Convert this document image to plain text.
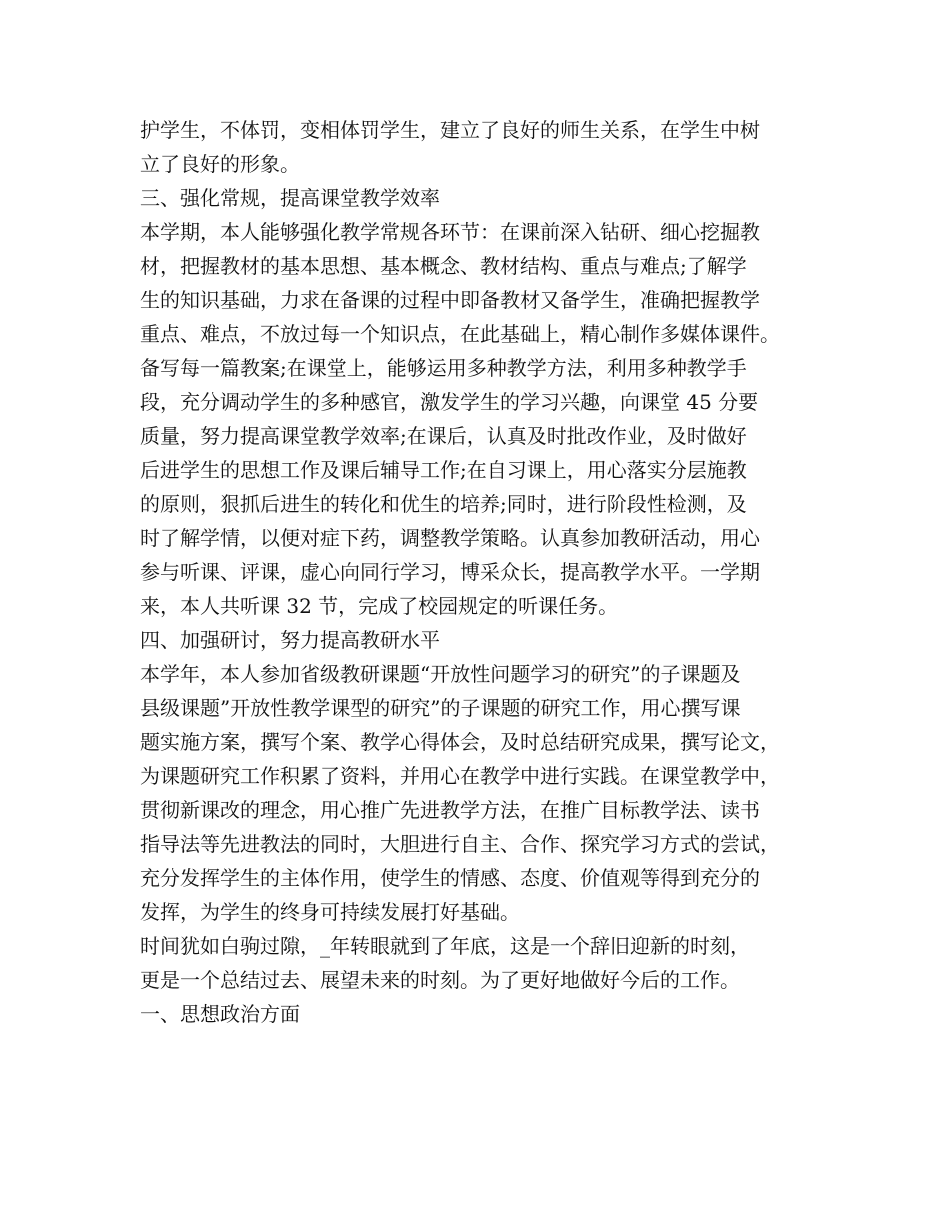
护学生，不体罚，变相体罚学生，建立了良好的师生关系，在学生中树
立了良好的形象。
三、强化常规，提高课堂教学效率
本学期，本人能够强化教学常规各环节：在课前深入钻研、细心挖掘教
材，把握教材的基本思想、基本概念、教材结构、重点与难点;了解学
生的知识基础，力求在备课的过程中即备教材又备学生，准确把握教学
重点、难点，不放过每一个知识点，在此基础上，精心制作多媒体课件。
备写每一篇教案;在课堂上，能够运用多种教学方法，利用多种教学手
段，充分调动学生的多种感官，激发学生的学习兴趣，向课堂 45 分要
质量，努力提高课堂教学效率;在课后，认真及时批改作业，及时做好
后进学生的思想工作及课后辅导工作;在自习课上，用心落实分层施教
的原则，狠抓后进生的转化和优生的培养;同时，进行阶段性检测，及
时了解学情，以便对症下药，调整教学策略。认真参加教研活动，用心
参与听课、评课，虚心向同行学习，博采众长，提高教学水平。一学期
来，本人共听课 32 节，完成了校园规定的听课任务。
四、加强研讨，努力提高教研水平
本学年，本人参加省级教研课题“开放性问题学习的研究”的子课题及
县级课题”开放性教学课型的研究”的子课题的研究工作，用心撰写课
题实施方案，撰写个案、教学心得体会，及时总结研究成果，撰写论文，
为课题研究工作积累了资料，并用心在教学中进行实践。在课堂教学中，
贯彻新课改的理念，用心推广先进教学方法，在推广目标教学法、读书
指导法等先进教法的同时，大胆进行自主、合作、探究学习方式的尝试，
充分发挥学生的主体作用，使学生的情感、态度、价值观等得到充分的
发挥，为学生的终身可持续发展打好基础。
时间犹如白驹过隙，_年转眼就到了年底，这是一个辞旧迎新的时刻，
更是一个总结过去、展望未来的时刻。为了更好地做好今后的工作。
一、思想政治方面
